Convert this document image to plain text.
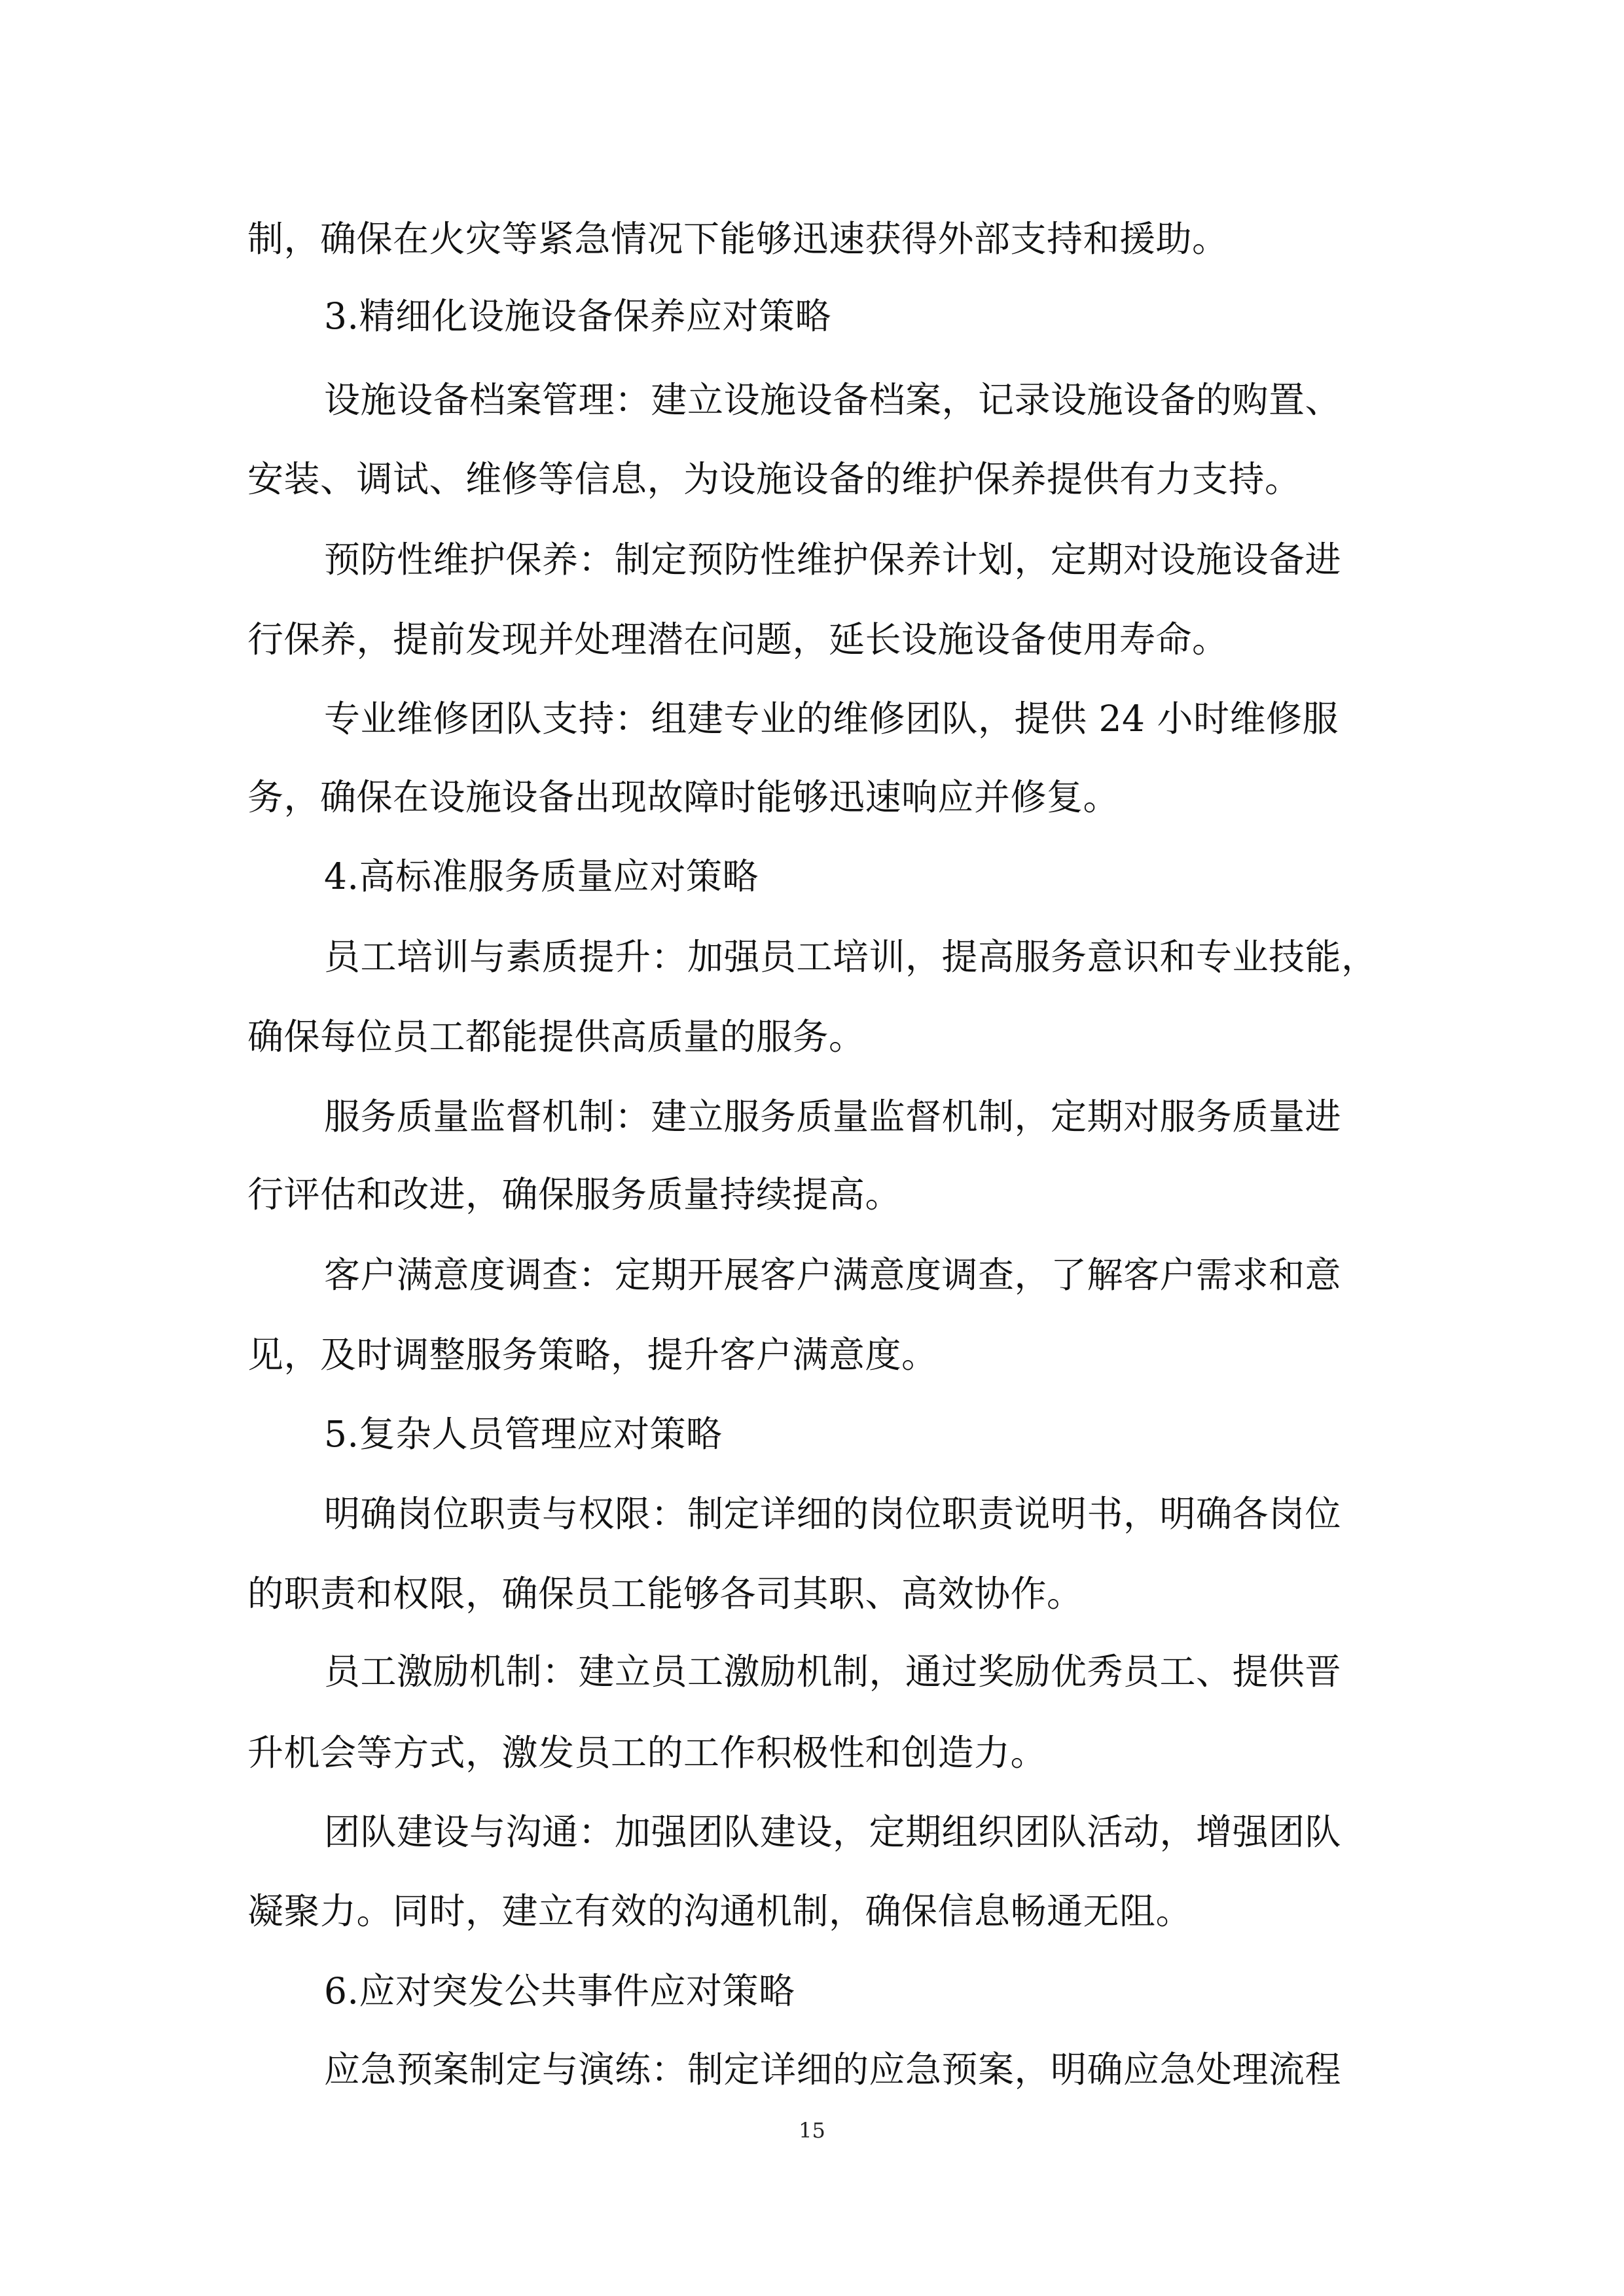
制，确保在火灾等紧急情况下能够迅速获得外部支持和援助。
3.精细化设施设备保养应对策略
设施设备档案管理：建立设施设备档案，记录设施设备的购置、
安装、调试、维修等信息，为设施设备的维护保养提供有力支持。
预防性维护保养：制定预防性维护保养计划，定期对设施设备进
行保养，提前发现并处理潜在问题，延长设施设备使用寿命。
专业维修团队支持：组建专业的维修团队，提供 24 小时维修服
务，确保在设施设备出现故障时能够迅速响应并修复。
4.高标准服务质量应对策略
员工培训与素质提升：加强员工培训，提高服务意识和专业技能，
确保每位员工都能提供高质量的服务。
服务质量监督机制：建立服务质量监督机制，定期对服务质量进
行评估和改进，确保服务质量持续提高。
客户满意度调查：定期开展客户满意度调查，了解客户需求和意
见，及时调整服务策略，提升客户满意度。
5.复杂人员管理应对策略
明确岗位职责与权限：制定详细的岗位职责说明书，明确各岗位
的职责和权限，确保员工能够各司其职、高效协作。
员工激励机制：建立员工激励机制，通过奖励优秀员工、提供晋
升机会等方式，激发员工的工作积极性和创造力。
团队建设与沟通：加强团队建设，定期组织团队活动，增强团队
凝聚力。同时，建立有效的沟通机制，确保信息畅通无阻。
6.应对突发公共事件应对策略
应急预案制定与演练：制定详细的应急预案，明确应急处理流程
15
